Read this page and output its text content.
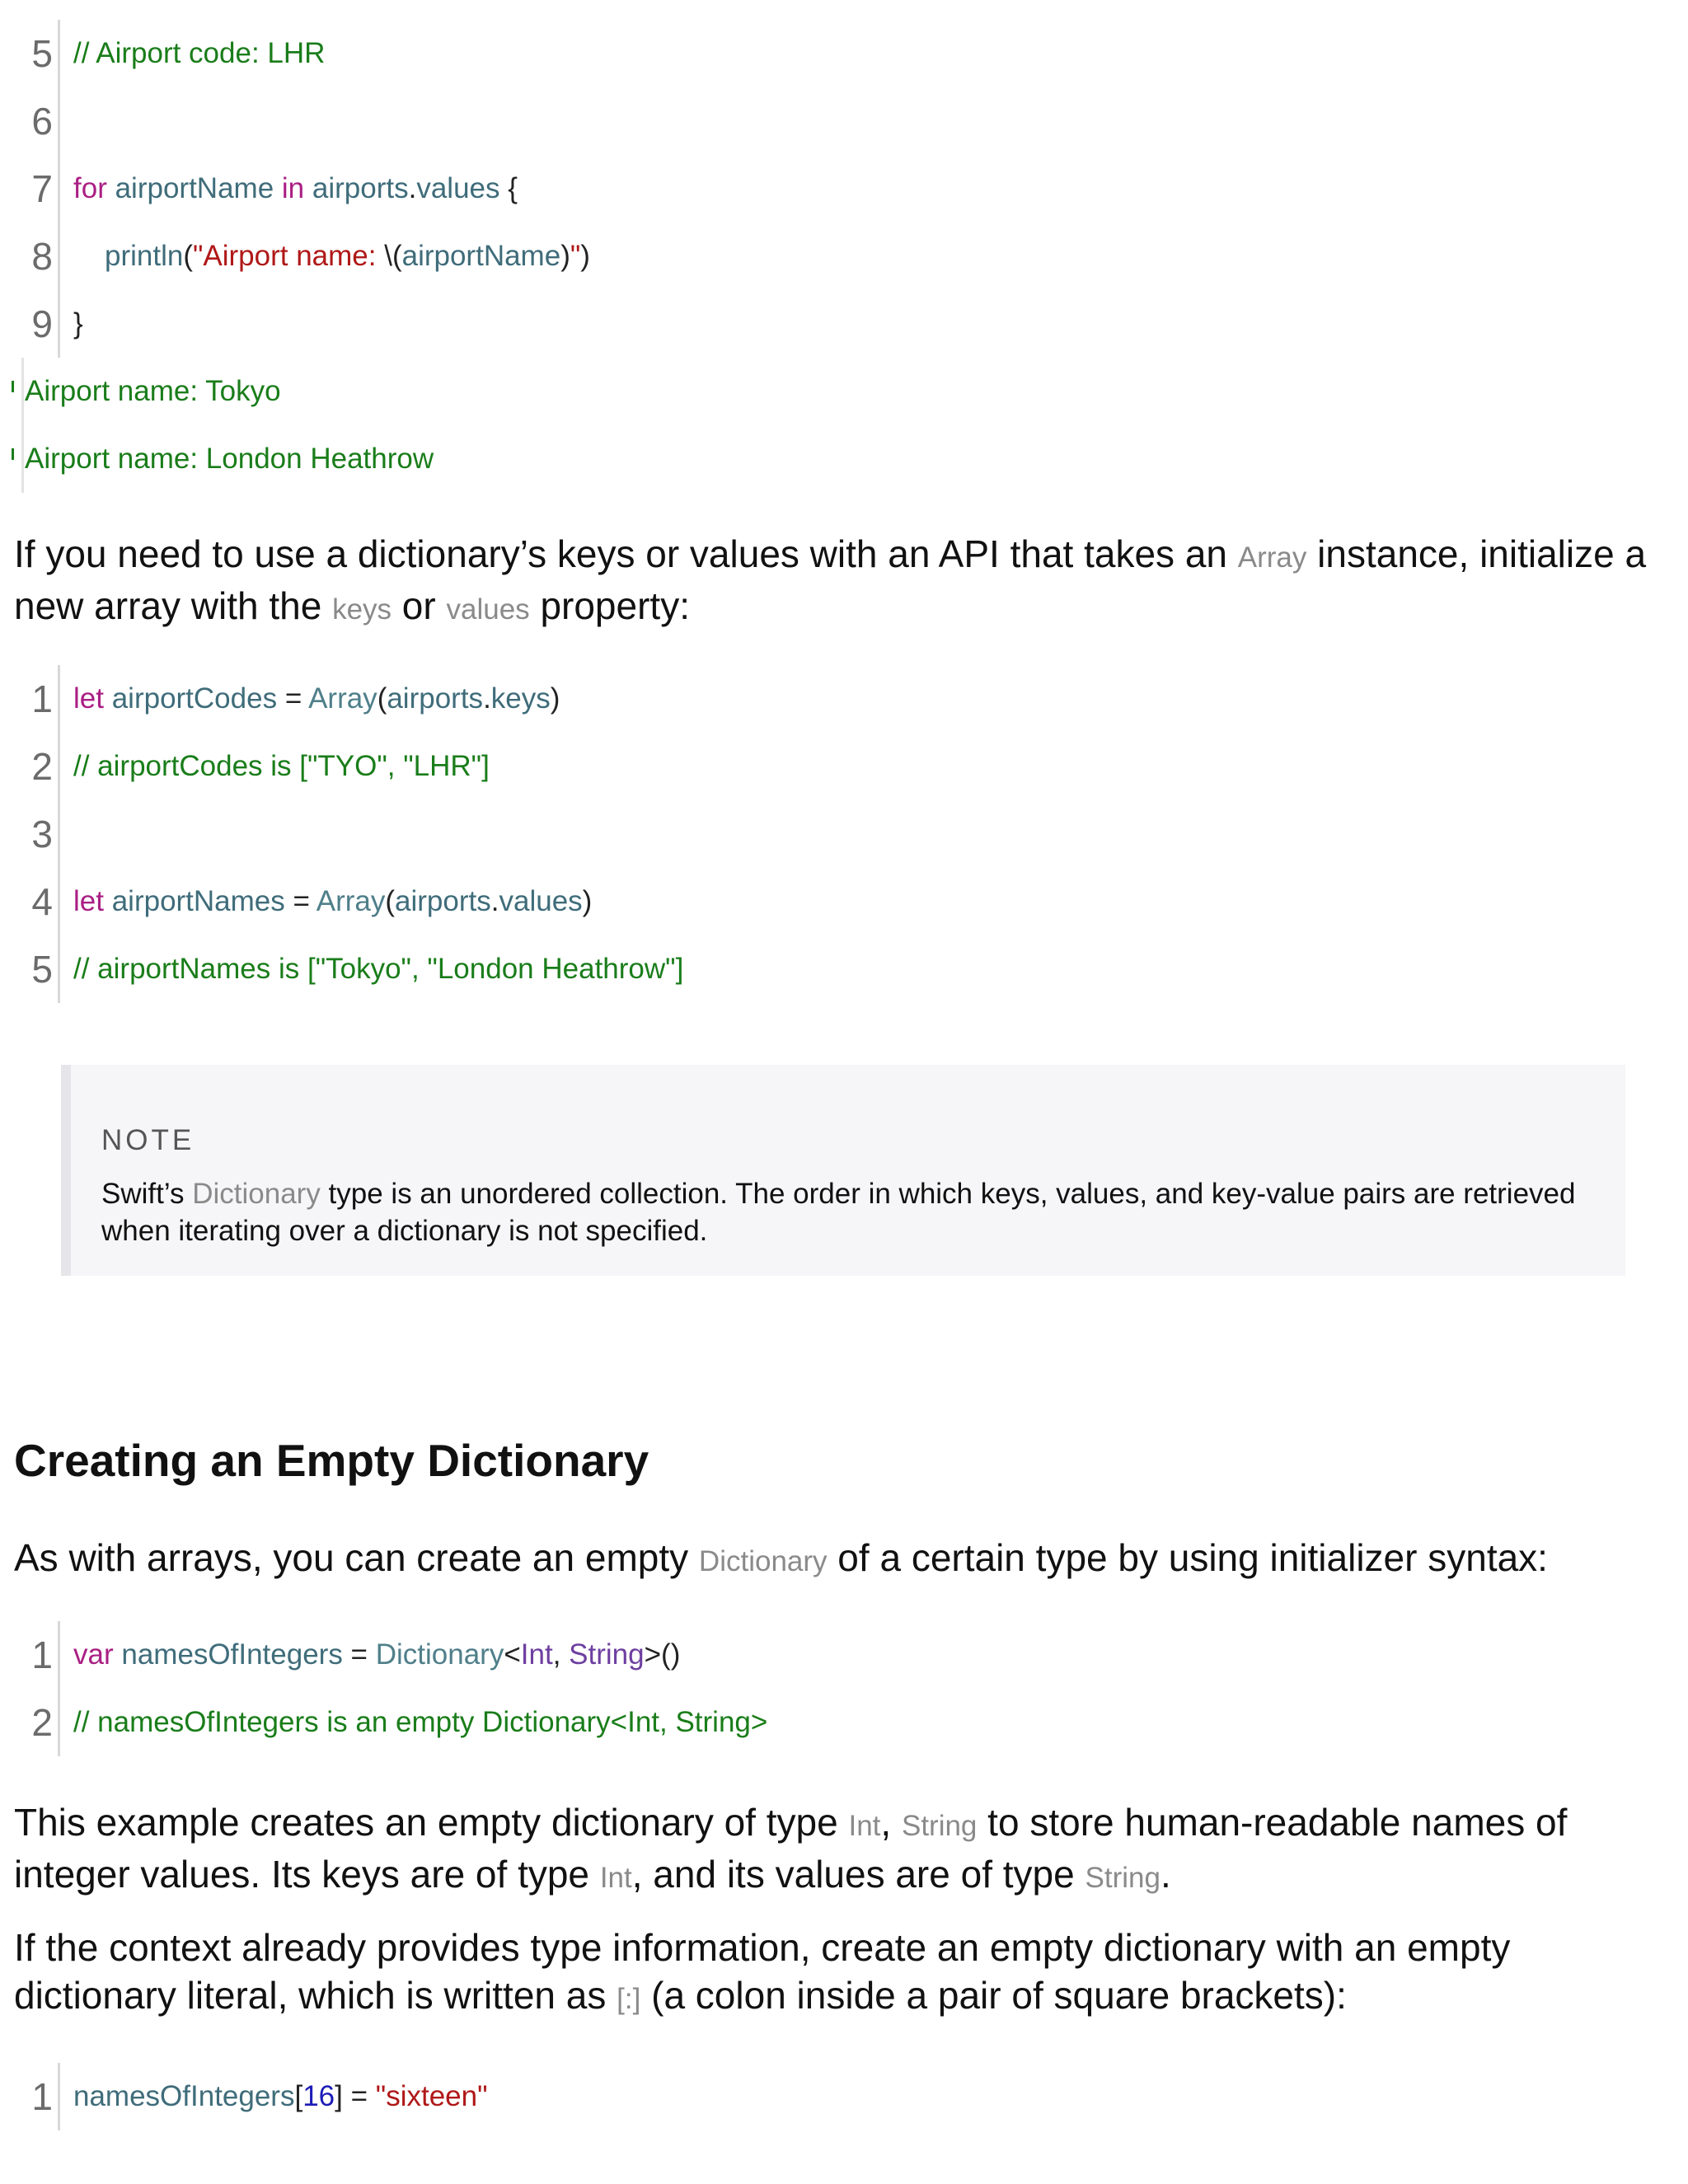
5 // Airport code: LHR
6
7 for airportName in airports.values {
8 println("Airport name: \(airportName)")
9 }
Airport name: Tokyo
Airport name: London Heathrow
If you need to use a dictionary’s keys or values with an API that takes an Array instance, initialize a new array with the keys or values property:
1 let airportCodes = Array(airports.keys)
2 // airportCodes is ["TYO", "LHR"]
3
4 let airportNames = Array(airports.values)
5 // airportNames is ["Tokyo", "London Heathrow"]
NOTE
Swift’s Dictionary type is an unordered collection. The order in which keys, values, and key-value pairs are retrieved when iterating over a dictionary is not specified.
Creating an Empty Dictionary
As with arrays, you can create an empty Dictionary of a certain type by using initializer syntax:
1 var namesOfIntegers = Dictionary<Int, String>()
2 // namesOfIntegers is an empty Dictionary<Int, String>
This example creates an empty dictionary of type Int, String to store human-readable names of integer values. Its keys are of type Int, and its values are of type String.
If the context already provides type information, create an empty dictionary with an empty dictionary literal, which is written as [:] (a colon inside a pair of square brackets):
1 namesOfIntegers[16] = "sixteen"
